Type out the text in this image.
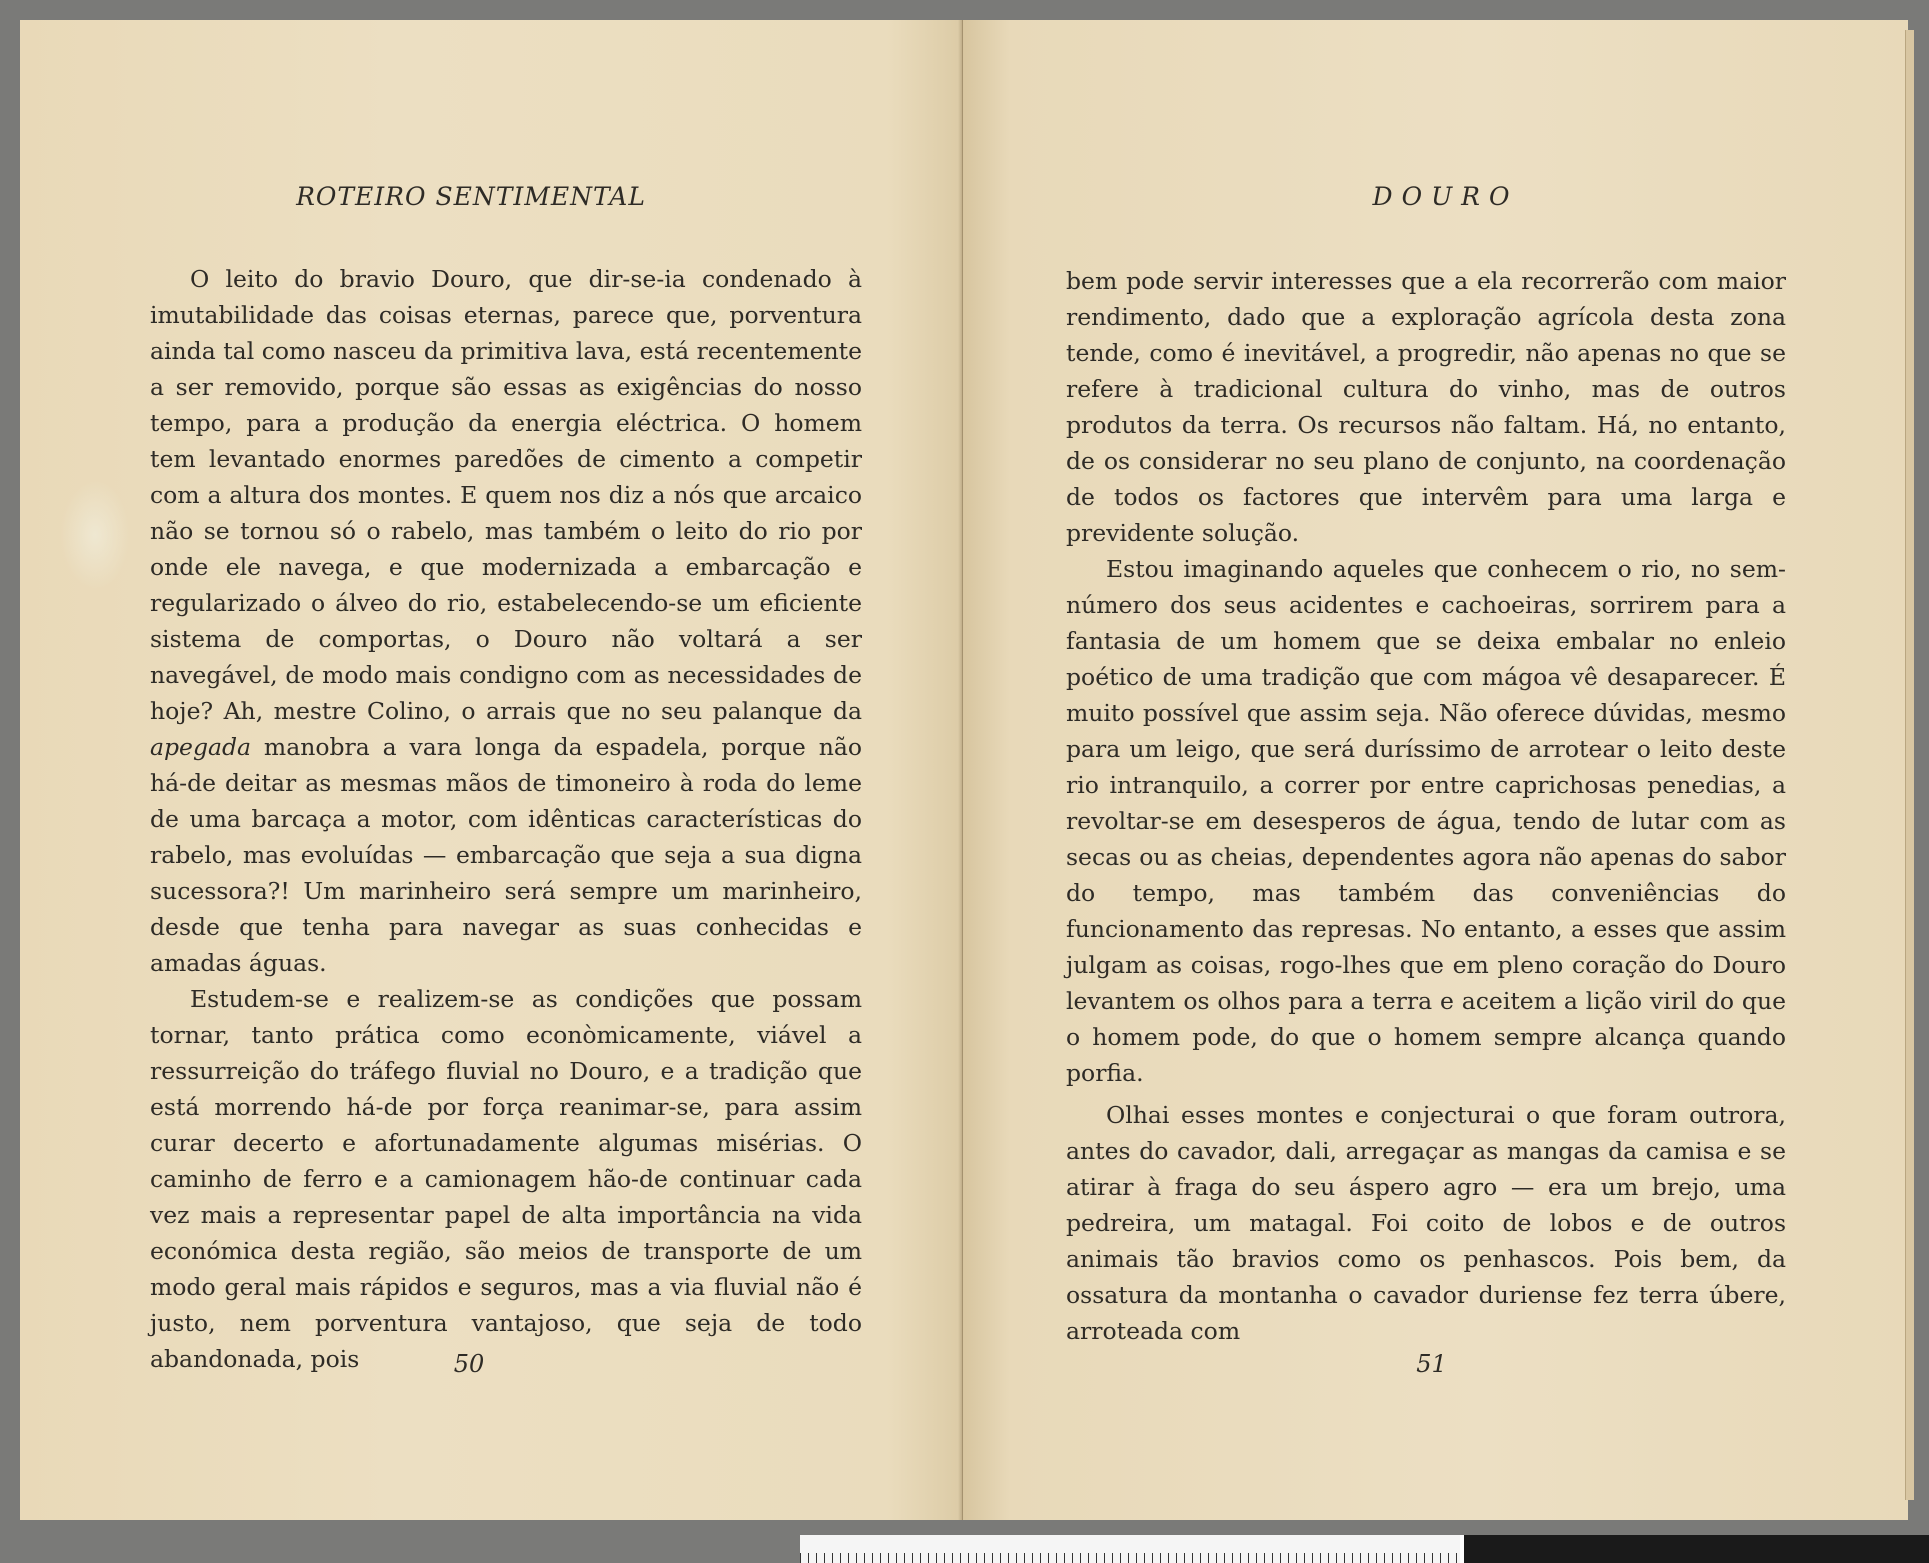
ROTEIRO SENTIMENTAL

O leito do bravio Douro, que dir-se-ia condenado à imutabilidade das coisas eternas, parece que, porventura ainda tal como nasceu da primitiva lava, está recentemente a ser removido, porque são essas as exigências do nosso tempo, para a produção da energia eléctrica. O homem tem levantado enormes paredões de cimento a competir com a altura dos montes. E quem nos diz a nós que arcaico não se tornou só o rabelo, mas também o leito do rio por onde ele navega, e que modernizada a embarcação e regularizado o álveo do rio, estabelecendo-se um eficiente sistema de comportas, o Douro não voltará a ser navegável, de modo mais condigno com as necessidades de hoje? Ah, mestre Colino, o arrais que no seu palanque da apegada manobra a vara longa da espadela, porque não há-de deitar as mesmas mãos de timoneiro à roda do leme de uma barcaça a motor, com idênticas características do rabelo, mas evoluídas — embarcação que seja a sua digna sucessora?! Um marinheiro será sempre um marinheiro, desde que tenha para navegar as suas conhecidas e amadas águas.

Estudem-se e realizem-se as condições que possam tornar, tanto prática como econòmicamente, viável a ressurreição do tráfego fluvial no Douro, e a tradição que está morrendo há-de por força reanimar-se, para assim curar decerto e afortunadamente algumas misérias. O caminho de ferro e a camionagem hão-de continuar cada vez mais a representar papel de alta importância na vida económica desta região, são meios de transporte de um modo geral mais rápidos e seguros, mas a via fluvial não é justo, nem porventura vantajoso, que seja de todo abandonada, pois	50
DOURO

bem pode servir interesses que a ela recorrerão com maior rendimento, dado que a exploração agrícola desta zona tende, como é inevitável, a progredir, não apenas no que se refere à tradicional cultura do vinho, mas de outros produtos da terra. Os recursos não faltam. Há, no entanto, de os considerar no seu plano de conjunto, na coordenação de todos os factores que intervêm para uma larga e previdente solução.

Estou imaginando aqueles que conhecem o rio, no sem-número dos seus acidentes e cachoeiras, sorrirem para a fantasia de um homem que se deixa embalar no enleio poético de uma tradição que com mágoa vê desaparecer. É muito possível que assim seja. Não oferece dúvidas, mesmo para um leigo, que será duríssimo de arrotear o leito deste rio intranquilo, a correr por entre caprichosas penedias, a revoltar-se em desesperos de água, tendo de lutar com as secas ou as cheias, dependentes agora não apenas do sabor do tempo, mas também das conveniências do funcionamento das represas. No entanto, a esses que assim julgam as coisas, rogo-lhes que em pleno coração do Douro levantem os olhos para a terra e aceitem a lição viril do que o homem pode, do que o homem sempre alcança quando porfia.

Olhai esses montes e conjecturai o que foram outrora, antes do cavador, dali, arregaçar as mangas da camisa e se atirar à fraga do seu áspero agro — era um brejo, uma pedreira, um matagal. Foi coito de lobos e de outros animais tão bravios como os penhascos. Pois bem, da ossatura da montanha o cavador duriense fez terra úbere, arroteada com

51
